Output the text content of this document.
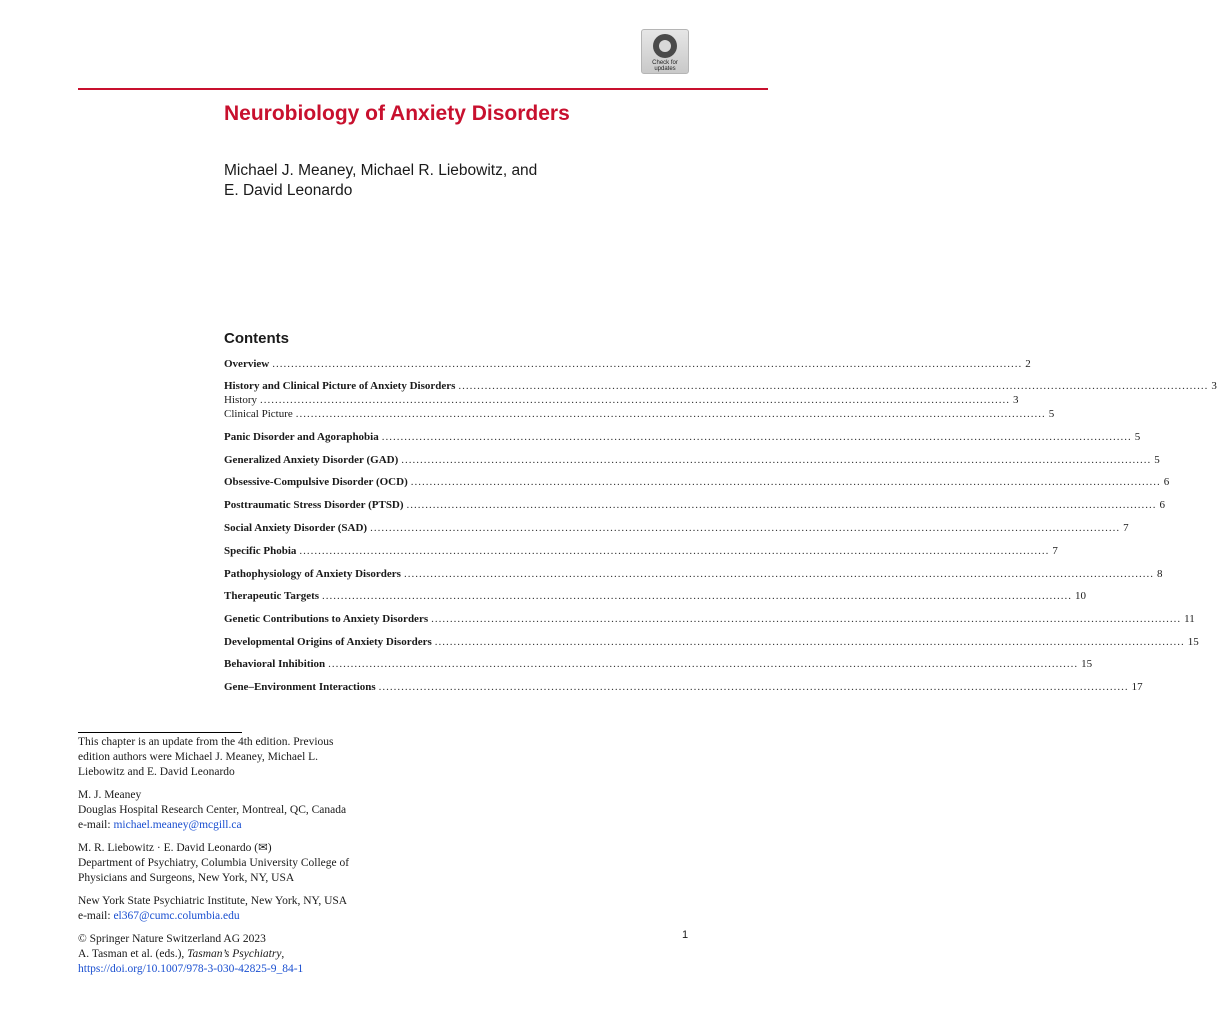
Check for
updates
Neurobiology of Anxiety Disorders
Michael J. Meaney, Michael R. Liebowitz, and
E. David Leonardo
Contents
Overview ........................................................................................................................................................................................................ 2
History and Clinical Picture of Anxiety Disorders ........................................................................................................................................................................................................ 3
History ........................................................................................................................................................................................................ 3
Clinical Picture ........................................................................................................................................................................................................ 5
Panic Disorder and Agoraphobia ........................................................................................................................................................................................................ 5
Generalized Anxiety Disorder (GAD) ........................................................................................................................................................................................................ 5
Obsessive-Compulsive Disorder (OCD) ........................................................................................................................................................................................................ 6
Posttraumatic Stress Disorder (PTSD) ........................................................................................................................................................................................................ 6
Social Anxiety Disorder (SAD) ........................................................................................................................................................................................................ 7
Specific Phobia ........................................................................................................................................................................................................ 7
Pathophysiology of Anxiety Disorders ........................................................................................................................................................................................................ 8
Therapeutic Targets ........................................................................................................................................................................................................ 10
Genetic Contributions to Anxiety Disorders ........................................................................................................................................................................................................ 11
Developmental Origins of Anxiety Disorders ........................................................................................................................................................................................................ 15
Behavioral Inhibition ........................................................................................................................................................................................................ 15
Gene–Environment Interactions ........................................................................................................................................................................................................ 17

This chapter is an update from the 4th edition. Previous
edition authors were Michael J. Meaney, Michael L.
Liebowitz and E. David Leonardo

M. J. Meaney
Douglas Hospital Research Center, Montreal, QC, Canada
e-mail: michael.meaney@mcgill.ca

M. R. Liebowitz · E. David Leonardo (✉)
Department of Psychiatry, Columbia University College of
Physicians and Surgeons, New York, NY, USA

New York State Psychiatric Institute, New York, NY, USA
e-mail: el367@cumc.columbia.edu

© Springer Nature Switzerland AG 2023
A. Tasman et al. (eds.), Tasman’s Psychiatry,
https://doi.org/10.1007/978-3-030-42825-9_84-1

1
